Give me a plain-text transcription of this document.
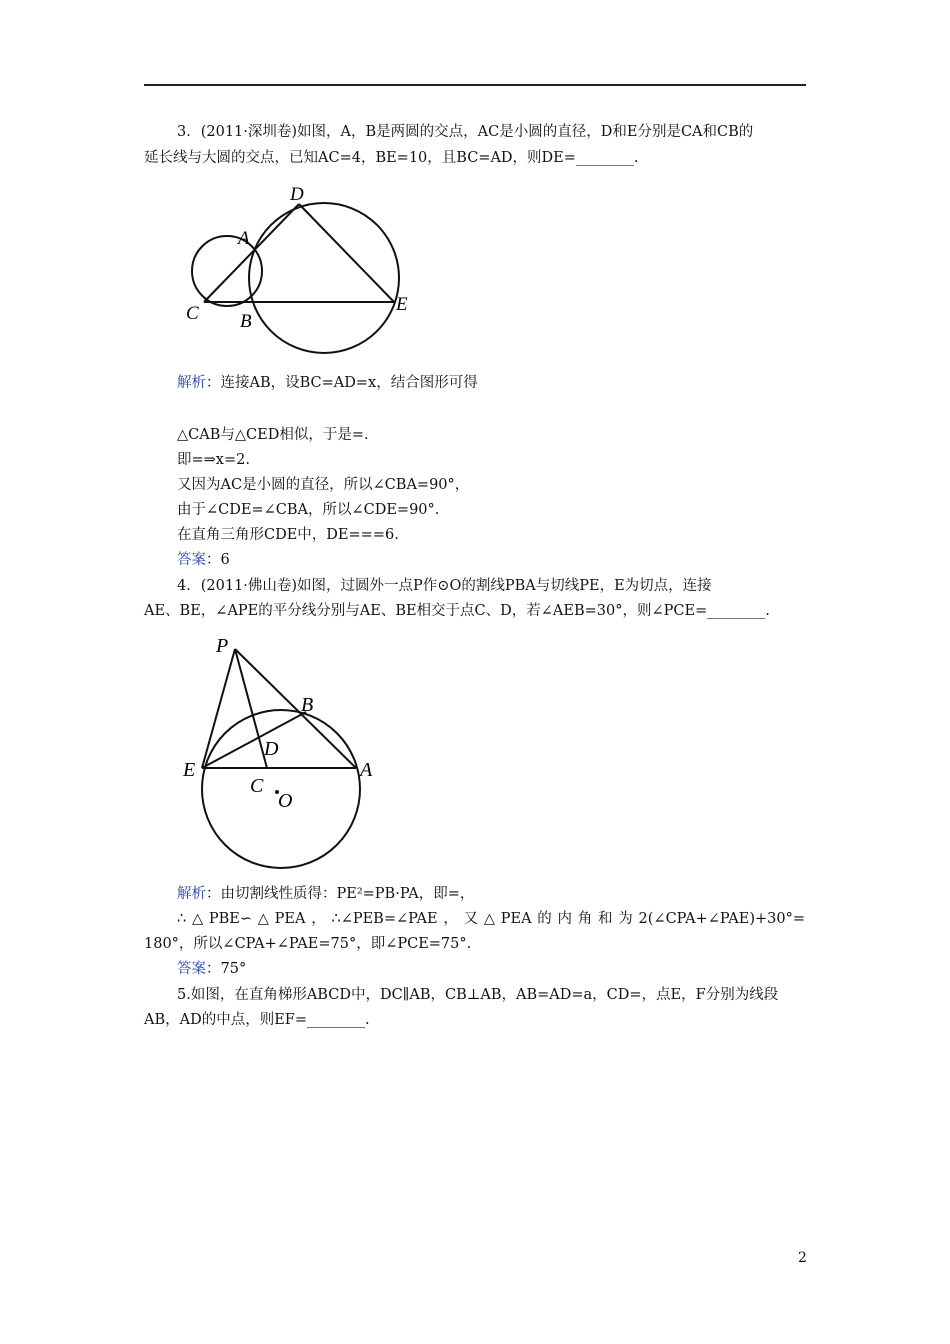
3．(2011·深圳卷)如图，A，B是两圆的交点，AC是小圆的直径，D和E分别是CA和CB的
延长线与大圆的交点，已知AC=4，BE=10，且BC=AD，则DE=________.
D
A
C B
E
解析：连接AB，设BC=AD=x，结合图形可得
△CAB与△CED相似，于是=.
即=⇒x=2.
又因为AC是小圆的直径，所以∠CBA=90°，
由于∠CDE=∠CBA，所以∠CDE=90°.
在直角三角形CDE中，DE===6.
答案：6
4．(2011·佛山卷)如图，过圆外一点P作⊙O的割线PBA与切线PE，E为切点，连接
AE、BE，∠APE的平分线分别与AE、BE相交于点C、D，若∠AEB=30°，则∠PCE=________.
P
B
D
E	A
C
O
解析：由切割线性质得：PE²=PB·PA，即=，
∴△PBE∽△PEA，∴∠PEB=∠PAE，又△PEA的内角和为2(∠CPA+∠PAE)+30°=
180°，所以∠CPA+∠PAE=75°，即∠PCE=75°.
答案：75°
5.如图，在直角梯形ABCD中，DC∥AB，CB⊥AB，AB=AD=a，CD=，点E，F分别为线段
AB，AD的中点，则EF=________.
2
